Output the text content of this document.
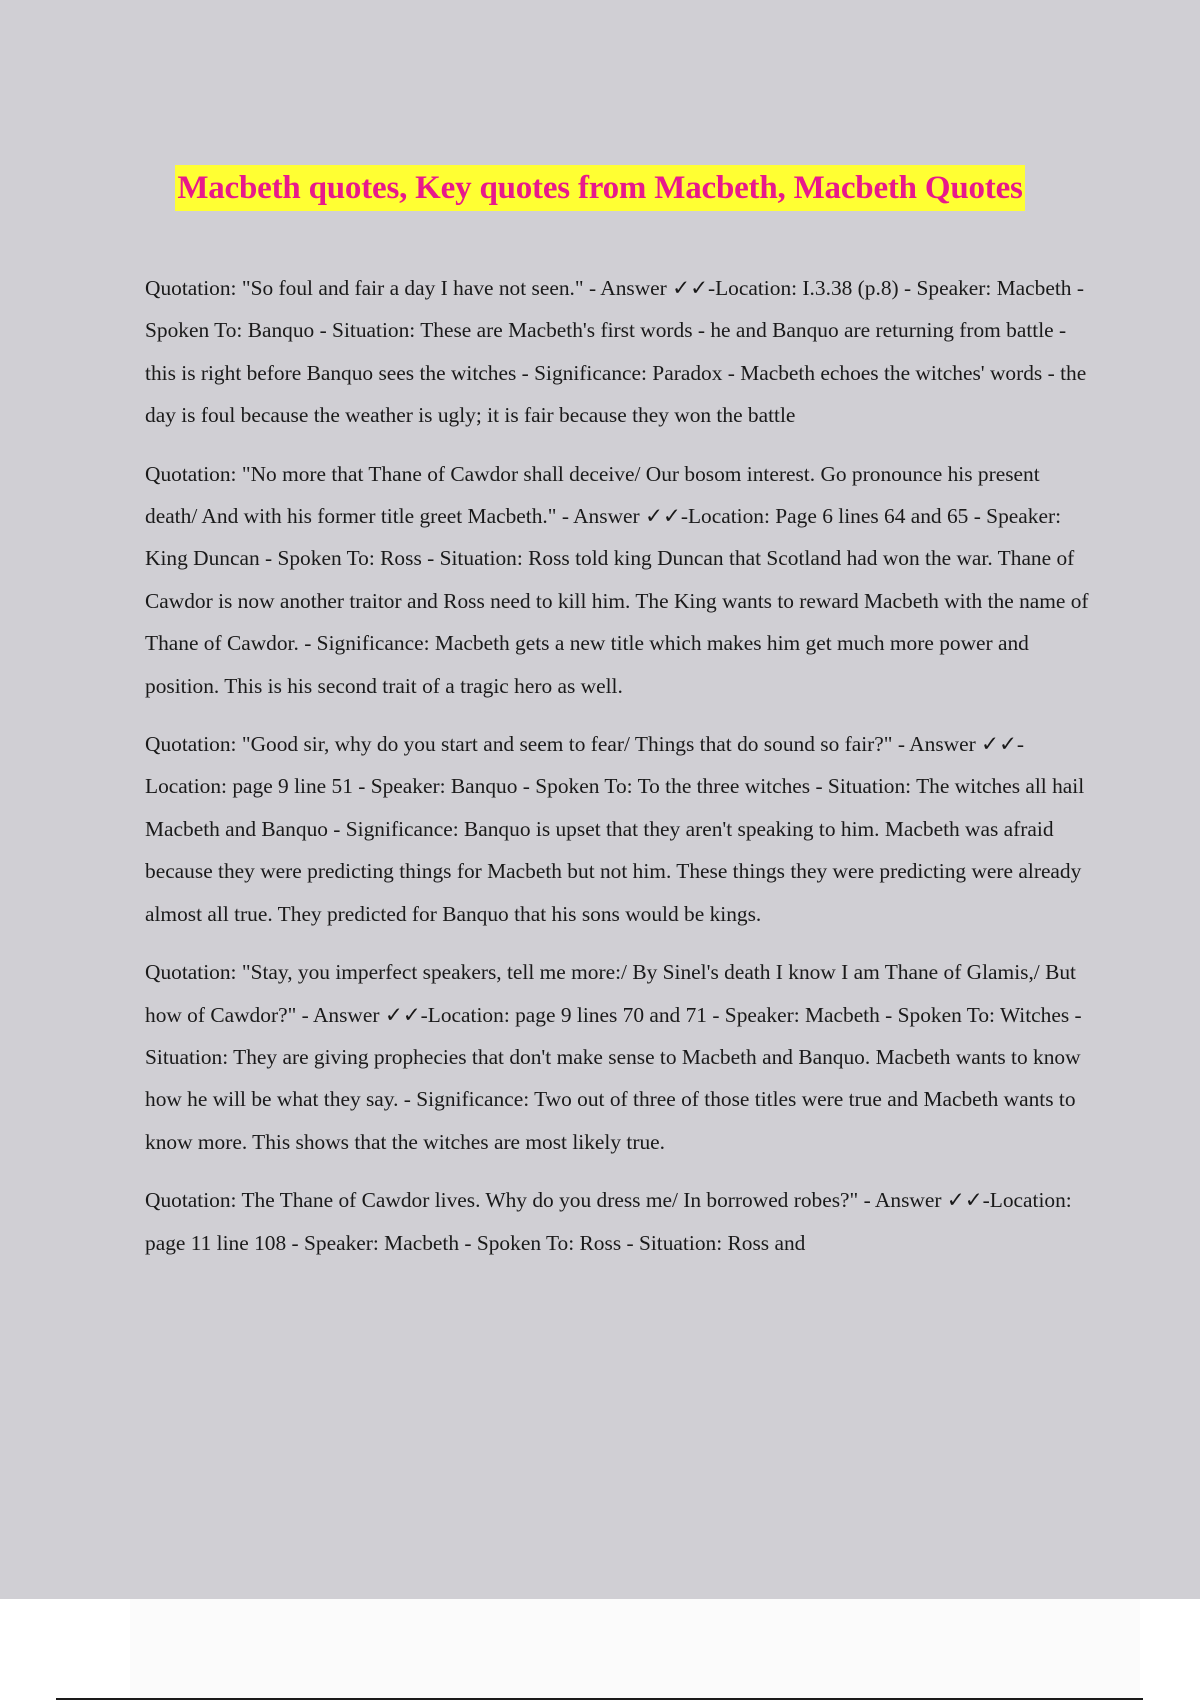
Macbeth quotes, Key quotes from Macbeth, Macbeth Quotes

Quotation: "So foul and fair a day I have not seen." - Answer ✓✓-Location: I.3.38 (p.8) - Speaker: Macbeth - Spoken To: Banquo - Situation: These are Macbeth's first words - he and Banquo are returning from battle - this is right before Banquo sees the witches - Significance: Paradox - Macbeth echoes the witches' words - the day is foul because the weather is ugly; it is fair because they won the battle

Quotation: "No more that Thane of Cawdor shall deceive/ Our bosom interest. Go pronounce his present death/ And with his former title greet Macbeth." - Answer ✓✓-Location: Page 6 lines 64 and 65 - Speaker: King Duncan - Spoken To: Ross - Situation: Ross told king Duncan that Scotland had won the war. Thane of Cawdor is now another traitor and Ross need to kill him. The King wants to reward Macbeth with the name of Thane of Cawdor. - Significance: Macbeth gets a new title which makes him get much more power and position. This is his second trait of a tragic hero as well.

Quotation: "Good sir, why do you start and seem to fear/ Things that do sound so fair?" - Answer ✓✓-Location: page 9 line 51 - Speaker: Banquo - Spoken To: To the three witches - Situation: The witches all hail Macbeth and Banquo - Significance: Banquo is upset that they aren't speaking to him. Macbeth was afraid because they were predicting things for Macbeth but not him. These things they were predicting were already almost all true. They predicted for Banquo that his sons would be kings.

Quotation: "Stay, you imperfect speakers, tell me more:/ By Sinel's death I know I am Thane of Glamis,/ But how of Cawdor?" - Answer ✓✓-Location: page 9 lines 70 and 71 - Speaker: Macbeth - Spoken To: Witches - Situation: They are giving prophecies that don't make sense to Macbeth and Banquo. Macbeth wants to know how he will be what they say. - Significance: Two out of three of those titles were true and Macbeth wants to know more. This shows that the witches are most likely true.

Quotation: The Thane of Cawdor lives. Why do you dress me/ In borrowed robes?" - Answer ✓✓-Location: page 11 line 108 - Speaker: Macbeth - Spoken To: Ross - Situation: Ross and
